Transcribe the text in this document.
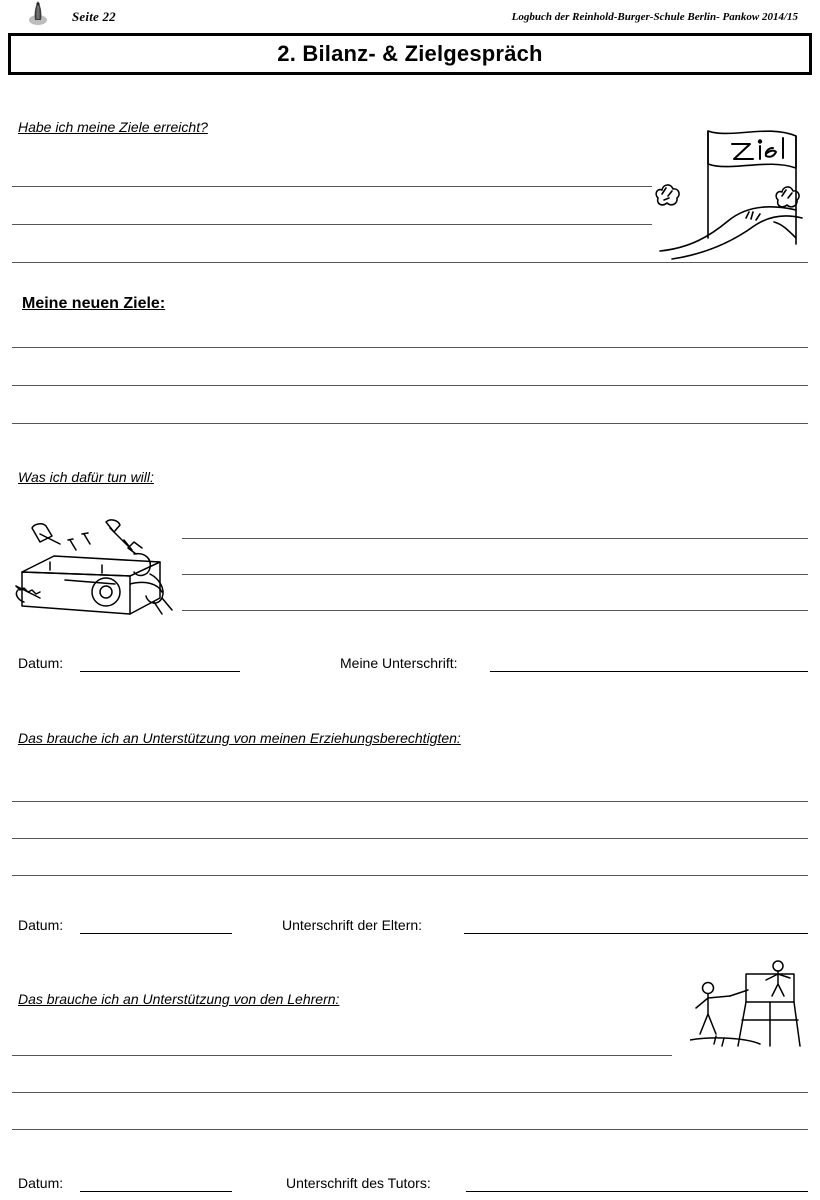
Seite 22	Logbuch der Reinhold-Burger-Schule Berlin- Pankow 2014/15
2. Bilanz- & Zielgespräch
Habe ich meine Ziele erreicht?
Meine neuen Ziele:
Was ich dafür tun will:
Datum:	Meine Unterschrift:
Das brauche ich an Unterstützung von meinen Erziehungsberechtigten:
Datum:	Unterschrift der Eltern:
Das brauche ich an Unterstützung von den Lehrern:
Datum:	Unterschrift des Tutors:
